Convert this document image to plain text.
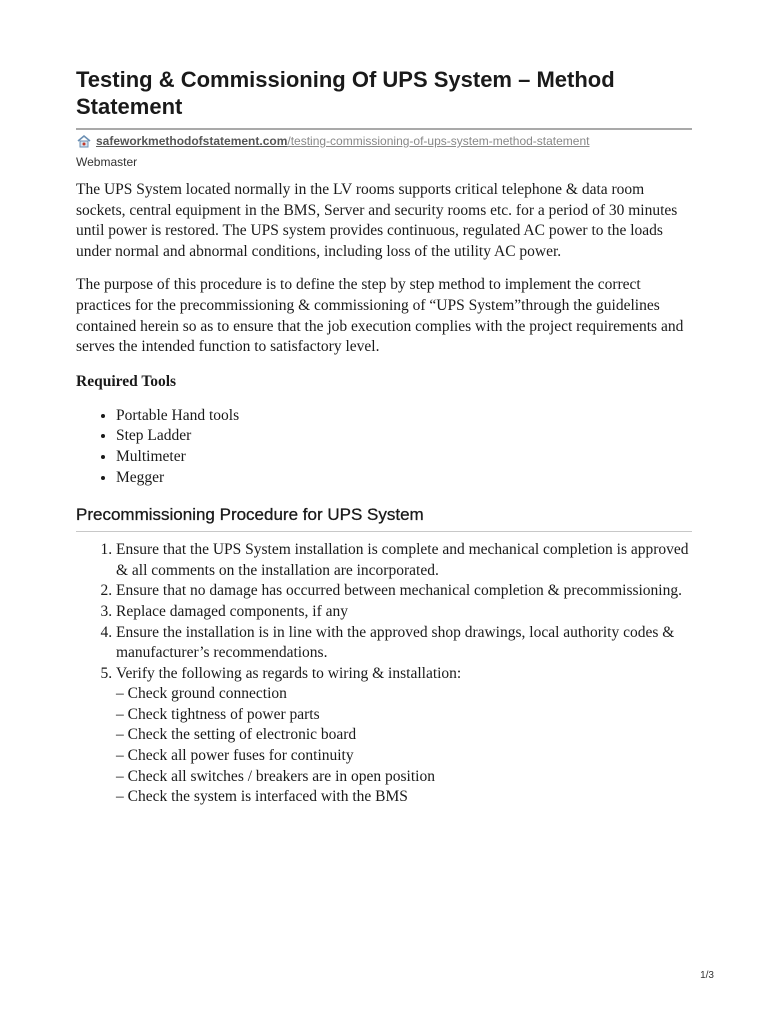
Testing & Commissioning Of UPS System – Method Statement
safeworkmethodofstatement.com /testing-commissioning-of-ups-system-method-statement
Webmaster

The UPS System located normally in the LV rooms supports critical telephone & data room sockets, central equipment in the BMS, Server and security rooms etc. for a period of 30 minutes until power is restored. The UPS system provides continuous, regulated AC power to the loads under normal and abnormal conditions, including loss of the utility AC power.

The purpose of this procedure is to define the step by step method to implement the correct practices for the precommissioning & commissioning of “UPS System”through the guidelines contained herein so as to ensure that the job execution complies with the project requirements and serves the intended function to satisfactory level.

Required Tools
• Portable Hand tools
• Step Ladder
• Multimeter
• Megger
Precommissioning Procedure for UPS System
1. Ensure that the UPS System installation is complete and mechanical completion is approved & all comments on the installation are incorporated.
2. Ensure that no damage has occurred between mechanical completion & precommissioning.
3. Replace damaged components, if any
4. Ensure the installation is in line with the approved shop drawings, local authority codes & manufacturer’s recommendations.
5. Verify the following as regards to wiring & installation:
– Check ground connection
– Check tightness of power parts
– Check the setting of electronic board
– Check all power fuses for continuity
– Check all switches / breakers are in open position
– Check the system is interfaced with the BMS
1/3
